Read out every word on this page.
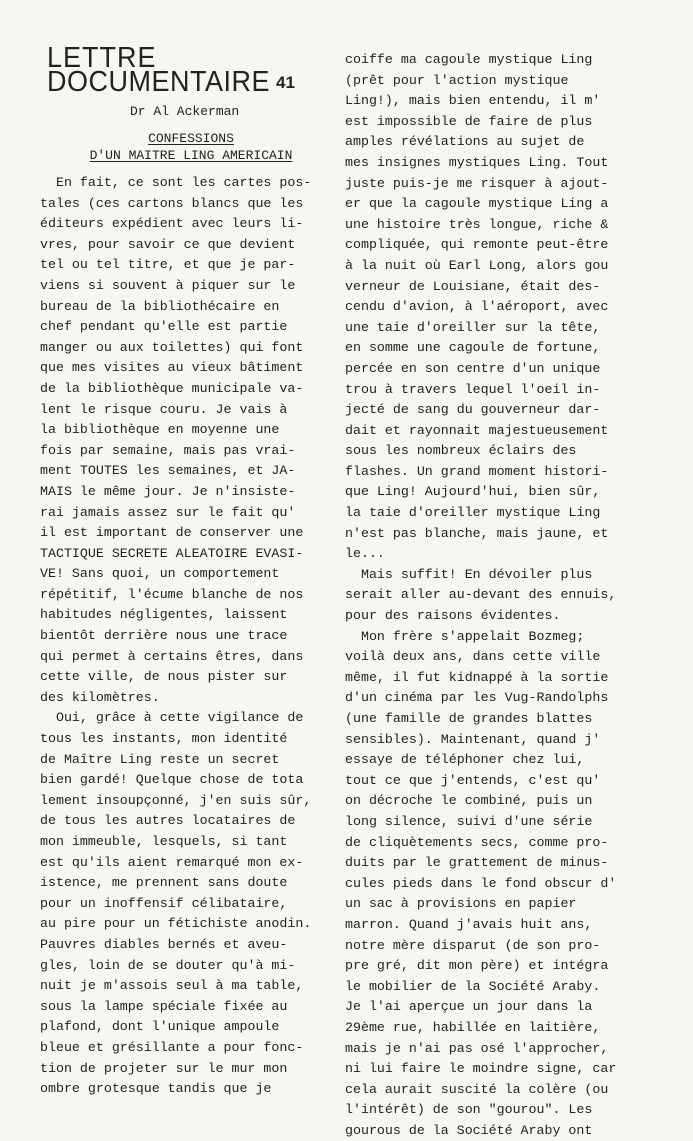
LETTRE
DOCUMENTAIRE 41
Dr Al Ackerman
CONFESSIONS
D'UN MAITRE LING AMERICAIN
En fait, ce sont les cartes pos-
tales (ces cartons blancs que les
éditeurs expédient avec leurs li-
vres, pour savoir ce que devient
tel ou tel titre, et que je par-
viens si souvent à piquer sur le
bureau de la bibliothécaire en
chef pendant qu'elle est partie
manger ou aux toilettes) qui font
que mes visites au vieux bâtiment
de la bibliothèque municipale va-
lent le risque couru. Je vais à
la bibliothèque en moyenne une
fois par semaine, mais pas vrai-
ment TOUTES les semaines, et JA-
MAIS le même jour. Je n'insiste-
rai jamais assez sur le fait qu'
il est important de conserver une
TACTIQUE SECRETE ALEATOIRE EVASI-
VE! Sans quoi, un comportement
répétitif, l'écume blanche de nos
habitudes négligentes, laissent
bientôt derrière nous une trace
qui permet à certains êtres, dans
cette ville, de nous pister sur
des kilomètres.
Oui, grâce à cette vigilance de
tous les instants, mon identité
de Maître Ling reste un secret
bien gardé! Quelque chose de tota
lement insoupçonné, j'en suis sûr,
de tous les autres locataires de
mon immeuble, lesquels, si tant
est qu'ils aient remarqué mon ex-
istence, me prennent sans doute
pour un inoffensif célibataire,
au pire pour un fétichiste anodin.
Pauvres diables bernés et aveu-
gles, loin de se douter qu'à mi-
nuit je m'assois seul à ma table,
sous la lampe spéciale fixée au
plafond, dont l'unique ampoule
bleue et grésillante a pour fonc-
tion de projeter sur le mur mon
ombre grotesque tandis que je
coiffe ma cagoule mystique Ling
(prêt pour l'action mystique
Ling!), mais bien entendu, il m'
est impossible de faire de plus
amples révélations au sujet de
mes insignes mystiques Ling. Tout
juste puis-je me risquer à ajout-
er que la cagoule mystique Ling a
une histoire très longue, riche &
compliquée, qui remonte peut-être
à la nuit où Earl Long, alors gou
verneur de Louisiane, était des-
cendu d'avion, à l'aéroport, avec
une taie d'oreiller sur la tête,
en somme une cagoule de fortune,
percée en son centre d'un unique
trou à travers lequel l'oeil in-
jecté de sang du gouverneur dar-
dait et rayonnait majestueusement
sous les nombreux éclairs des
flashes. Un grand moment histori-
que Ling! Aujourd'hui, bien sûr,
la taie d'oreiller mystique Ling
n'est pas blanche, mais jaune, et
le...
Mais suffit! En dévoiler plus
serait aller au-devant des ennuis,
pour des raisons évidentes.
Mon frère s'appelait Bozmeg;
voilà deux ans, dans cette ville
même, il fut kidnappé à la sortie
d'un cinéma par les Vug-Randolphs
(une famille de grandes blattes
sensibles). Maintenant, quand j'
essaye de téléphoner chez lui,
tout ce que j'entends, c'est qu'
on décroche le combiné, puis un
long silence, suivi d'une série
de cliquètements secs, comme pro-
duits par le grattement de minus-
cules pieds dans le fond obscur d'
un sac à provisions en papier
marron. Quand j'avais huit ans,
notre mère disparut (de son pro-
pre gré, dit mon père) et intégra
le mobilier de la Société Araby.
Je l'ai aperçue un jour dans la
29ème rue, habillée en laitière,
mais je n'ai pas osé l'approcher,
ni lui faire le moindre signe, car
cela aurait suscité la colère (ou
l'intérêt) de son "gourou". Les
gourous de la Société Araby ont
